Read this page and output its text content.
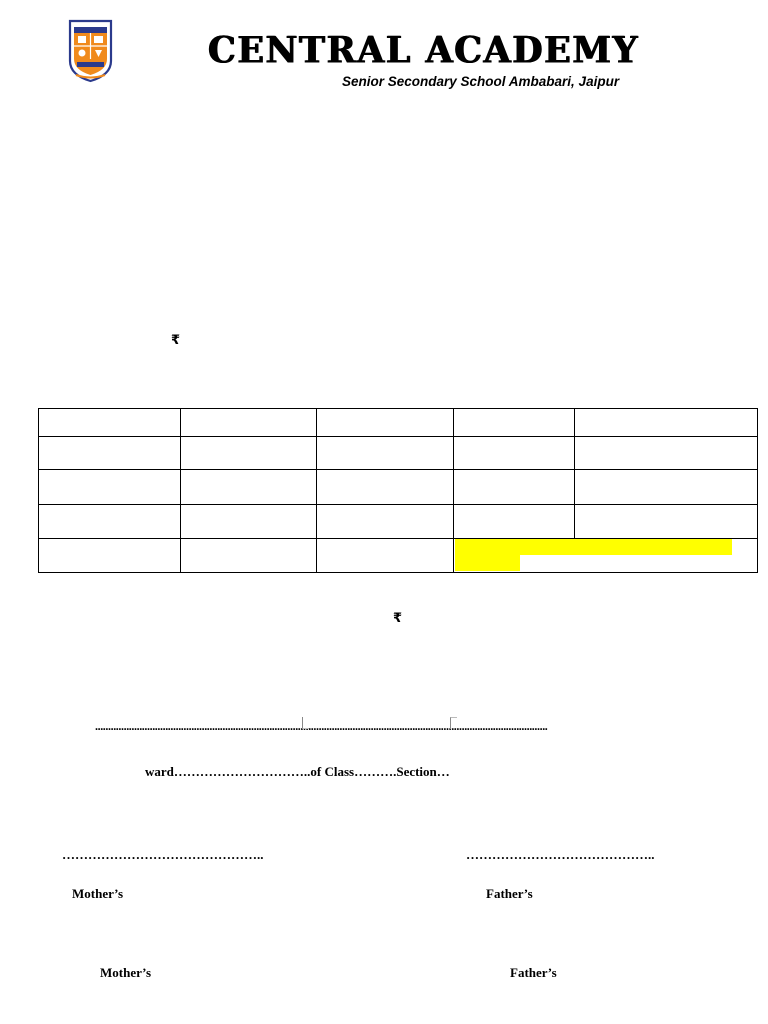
CENTRAL ACADEMY
Senior Secondary School Ambabari, Jaipur
₹

₹
..............................................................................................................................................................................
ward…………………………..of Class……….Section…
………………………………………..	……………………………………..
Mother’s	Father’s
Mother’s	Father’s
